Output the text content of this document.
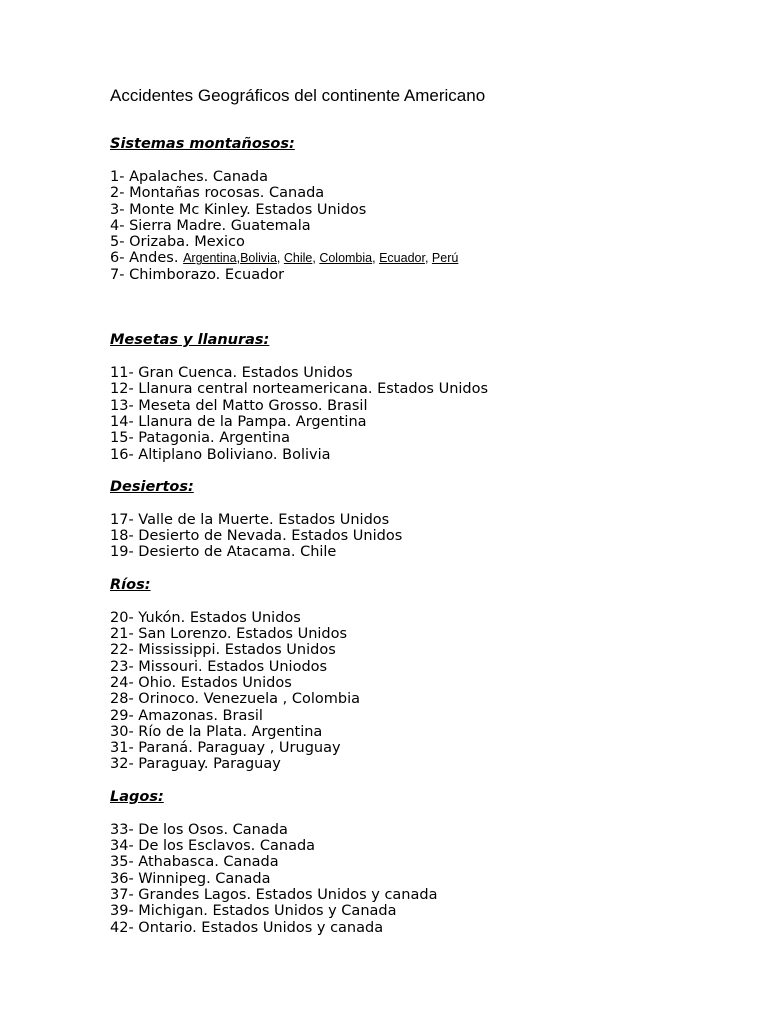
Accidentes Geográficos del continente Americano
Sistemas montañosos:
1- Apalaches. Canada
2- Montañas rocosas. Canada
3- Monte Mc Kinley. Estados Unidos
4- Sierra Madre. Guatemala
5- Orizaba. Mexico
6- Andes. Argentina,Bolivia, Chile, Colombia, Ecuador, Perú
7- Chimborazo. Ecuador
Mesetas y llanuras:
11- Gran Cuenca. Estados Unidos
12- Llanura central norteamericana. Estados Unidos
13- Meseta del Matto Grosso. Brasil
14- Llanura de la Pampa. Argentina
15- Patagonia. Argentina
16- Altiplano Boliviano. Bolivia
Desiertos:
17- Valle de la Muerte. Estados Unidos
18- Desierto de Nevada. Estados Unidos
19- Desierto de Atacama. Chile
Ríos:
20- Yukón. Estados Unidos
21- San Lorenzo. Estados Unidos
22- Mississippi. Estados Unidos
23- Missouri. Estados Uniodos
24- Ohio. Estados Unidos
28- Orinoco. Venezuela , Colombia
29- Amazonas. Brasil
30- Río de la Plata. Argentina
31- Paraná. Paraguay , Uruguay
32- Paraguay. Paraguay
Lagos:
33- De los Osos. Canada
34- De los Esclavos. Canada
35- Athabasca. Canada
36- Winnipeg. Canada
37- Grandes Lagos. Estados Unidos y canada
39- Michigan. Estados Unidos y Canada
42- Ontario. Estados Unidos y canada
